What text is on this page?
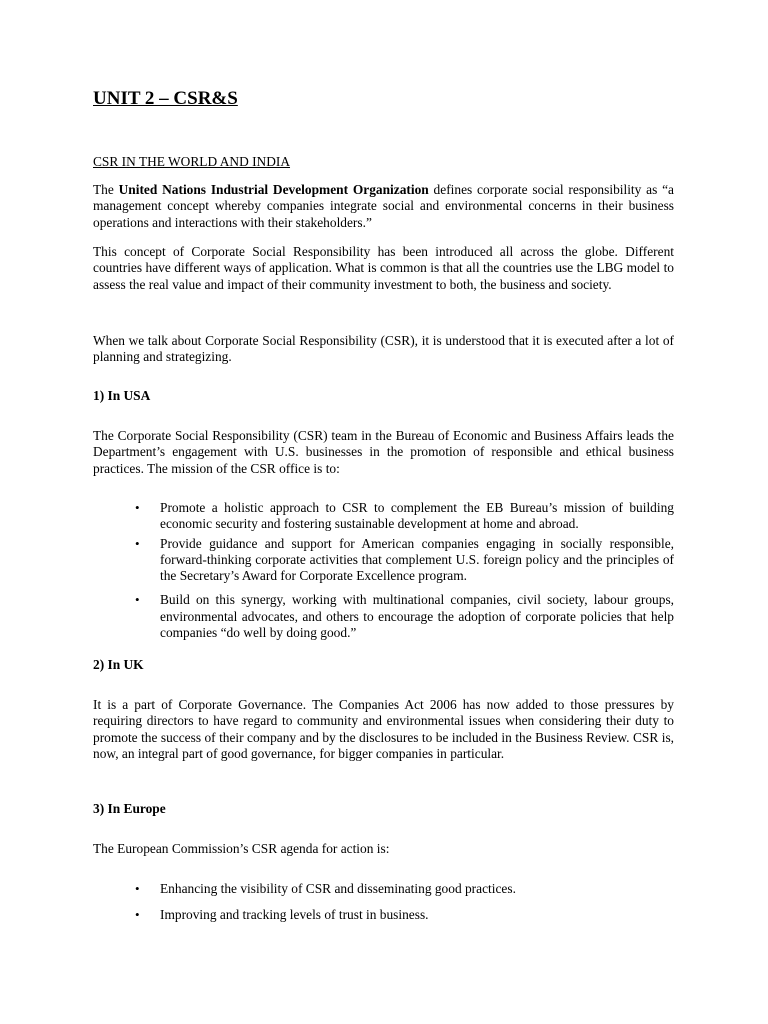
UNIT 2 – CSR&S
CSR IN THE WORLD AND INDIA

The United Nations Industrial Development Organization defines corporate social responsibility as “a management concept whereby companies integrate social and environmental concerns in their business operations and interactions with their stakeholders.”

This concept of Corporate Social Responsibility has been introduced all across the globe. Different countries have different ways of application. What is common is that all the countries use the LBG model to assess the real value and impact of their community investment to both, the business and society.

When we talk about Corporate Social Responsibility (CSR), it is understood that it is executed after a lot of planning and strategizing.

1) In USA

The Corporate Social Responsibility (CSR) team in the Bureau of Economic and Business Affairs leads the Department’s engagement with U.S. businesses in the promotion of responsible and ethical business practices. The mission of the CSR office is to:

• Promote a holistic approach to CSR to complement the EB Bureau’s mission of building economic security and fostering sustainable development at home and abroad.
• Provide guidance and support for American companies engaging in socially responsible, forward-thinking corporate activities that complement U.S. foreign policy and the principles of the Secretary’s Award for Corporate Excellence program.
• Build on this synergy, working with multinational companies, civil society, labour groups, environmental advocates, and others to encourage the adoption of corporate policies that help companies “do well by doing good.”
2) In UK

It is a part of Corporate Governance. The Companies Act 2006 has now added to those pressures by requiring directors to have regard to community and environmental issues when considering their duty to promote the success of their company and by the disclosures to be included in the Business Review. CSR is, now, an integral part of good governance, for bigger companies in particular.

3) In Europe

The European Commission’s CSR agenda for action is:

• Enhancing the visibility of CSR and disseminating good practices.
• Improving and tracking levels of trust in business.
